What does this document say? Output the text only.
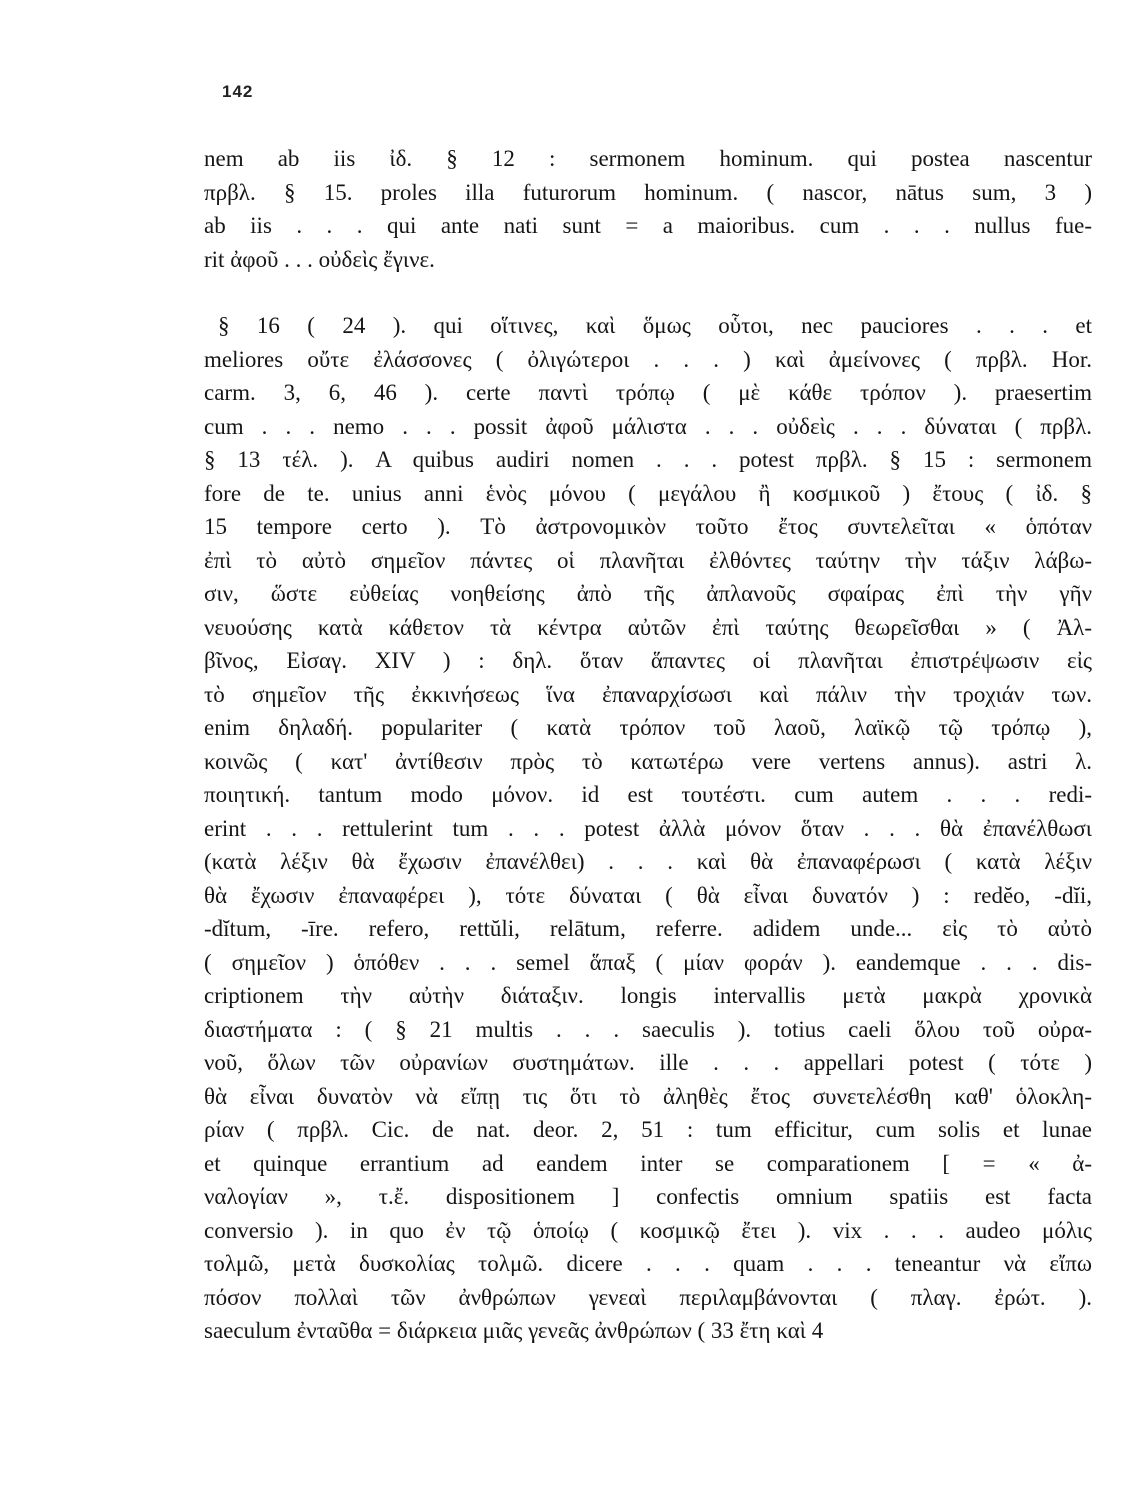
142
nem ab iis ἰδ. § 12 : sermonem hominum. qui postea nascentur
πρβλ. § 15. proles illa futurorum hominum. ( nascor, nātus sum, 3 )
ab iis . . . qui ante nati sunt = a maioribus. cum . . . nullus fue-
rit ἀφοῦ . . . οὐδεὶς ἔγινε.
§ 16 ( 24 ). qui οἵτινες, καὶ ὅμως οὗτοι, nec pauciores . . . et
meliores οὔτε ἐλάσσονες ( ὀλιγώτεροι . . . ) καὶ ἀμείνονες ( πρβλ. Hor.
carm. 3, 6, 46 ). certe παντὶ τρόπῳ ( μὲ κάθε τρόπον ). praesertim
cum . . . nemo . . . possit ἀφοῦ μάλιστα . . . οὐδεὶς . . . δύναται ( πρβλ.
§ 13 τέλ. ). A quibus audiri nomen . . . potest πρβλ. § 15 : sermonem
fore de te. unius anni ἑνὸς μόνου ( μεγάλου ἢ κοσμικοῦ ) ἔτους ( ἰδ. §
15 tempore certo ). Τὸ ἀστρονομικὸν τοῦτο ἔτος συντελεῖται « ὁπόταν
ἐπὶ τὸ αὐτὸ σημεῖον πάντες οἱ πλανῆται ἐλθόντες ταύτην τὴν τάξιν λάβω-
σιν, ὥστε εὐθείας νοηθείσης ἀπὸ τῆς ἀπλανοῦς σφαίρας ἐπὶ τὴν γῆν
νευούσης κατὰ κάθετον τὰ κέντρα αὐτῶν ἐπὶ ταύτης θεωρεῖσθαι » ( Ἀλ-
βῖνος, Εἰσαγ. XIV ) : δηλ. ὅταν ἅπαντες οἱ πλανῆται ἐπιστρέψωσιν εἰς
τὸ σημεῖον τῆς ἐκκινήσεως ἵνα ἐπαναρχίσωσι καὶ πάλιν τὴν τροχιάν των.
enim δηλαδή. populariter ( κατὰ τρόπον τοῦ λαοῦ, λαϊκῷ τῷ τρόπῳ ),
κοινῶς ( κατ' ἀντίθεσιν πρὸς τὸ κατωτέρω vere vertens annus). astri λ.
ποιητική. tantum modo μόνον. id est τουτέστι. cum autem . . . redi-
erint . . . rettulerint tum . . . potest ἀλλὰ μόνον ὅταν . . . θὰ ἐπανέλθωσι
(κατὰ λέξιν θὰ ἔχωσιν ἐπανέλθει) . . . καὶ θὰ ἐπαναφέρωσι ( κατὰ λέξιν
θὰ ἔχωσιν ἐπαναφέρει ), τότε δύναται ( θὰ εἶναι δυνατόν ) : redĕo, -dĭi,
-dĭtum, -īre. refero, rettŭli, relātum, referre. adidem unde... εἰς τὸ αὐτὸ
( σημεῖον ) ὁπόθεν . . . semel ἅπαξ ( μίαν φοράν ). eandemque . . . dis-
criptionem τὴν αὐτὴν διάταξιν. longis intervallis μετὰ μακρὰ χρονικὰ
διαστήματα : ( § 21 multis . . . saeculis ). totius caeli ὅλου τοῦ οὐρα-
νοῦ, ὅλων τῶν οὐρανίων συστημάτων. ille . . . appellari potest ( τότε )
θὰ εἶναι δυνατὸν νὰ εἴπῃ τις ὅτι τὸ ἀληθὲς ἔτος συνετελέσθη καθ' ὁλοκλη-
ρίαν ( πρβλ. Cic. de nat. deor. 2, 51 : tum efficitur, cum solis et lunae
et quinque errantium ad eandem inter se comparationem [ = « ἀ-
ναλογίαν », τ.ἔ. dispositionem ] confectis omnium spatiis est facta
conversio ). in quo ἐν τῷ ὁποίῳ ( κοσμικῷ ἔτει ). vix . . . audeo μόλις
τολμῶ, μετὰ δυσκολίας τολμῶ. dicere . . . quam . . . teneantur νὰ εἴπω
πόσον πολλαὶ τῶν ἀνθρώπων γενεαὶ περιλαμβάνονται ( πλαγ. ἐρώτ. ).
saeculum ἐνταῦθα = διάρκεια μιᾶς γενεᾶς ἀνθρώπων ( 33 ἔτη καὶ 4
